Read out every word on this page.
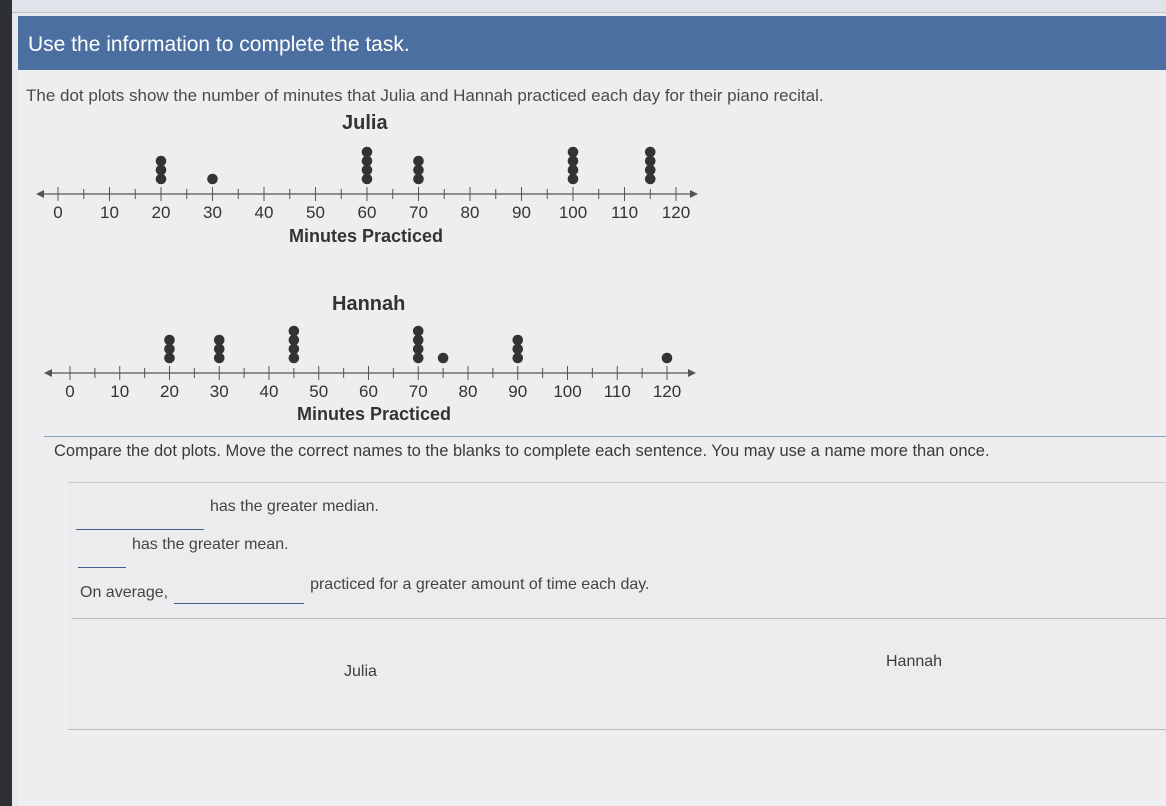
Use the information to complete the task.
The dot plots show the number of minutes that Julia and Hannah practiced each day for their piano recital.
Julia
0 10 20 30 40 50 60 70 80 90 100 110 120
Minutes Practiced
Hannah
0 10 20 30 40 50 60 70 80 90 100 110 120
Minutes Practiced
Compare the dot plots. Move the correct names to the blanks to complete each sentence. You may use a name more than once.
has the greater median.
has the greater mean.
On average,	practiced for a greater amount of time each day.
Julia
Hannah
